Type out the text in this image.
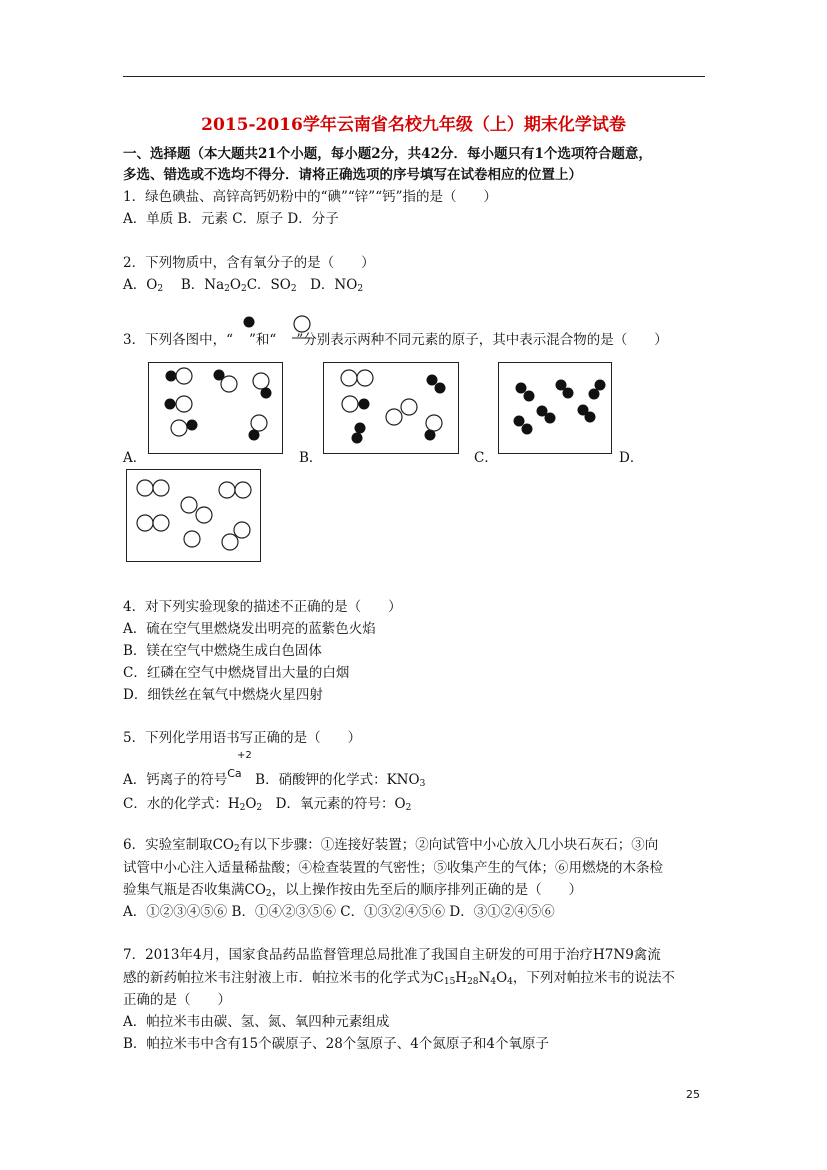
2015-2016学年云南省名校九年级（上）期末化学试卷
一、选择题（本大题共21个小题，每小题2分，共42分．每小题只有1个选项符合题意，
多选、错选或不选均不得分．请将正确选项的序号填写在试卷相应的位置上）
1．绿色碘盐、高锌高钙奶粉中的“碘”“锌”“钙”指的是（　　）
A．单质 B．元素 C．原子 D．分子
2．下列物质中，含有氧分子的是（　　）
A．$O_2$ 　B．$Na_2O_2C$．$SO_2$　D．$NO_2$
3．下列各图中，“ ”和“ ”分别表示两种不同元素的原子，其中表示混合物的是（　　）
A．	B．	C．	D．
4．对下列实验现象的描述不正确的是（　　）
A．硫在空气里燃烧发出明亮的蓝紫色火焰
B．镁在空气中燃烧生成白色固体
C．红磷在空气中燃烧冒出大量的白烟
D．细铁丝在氧气中燃烧火星四射
5．下列化学用语书写正确的是（　　）
+2
A．钙离子的符号$^{Ca}$　 B．硝酸钾的化学式：$KNO_3$
C．水的化学式：$H_2O_2$　 D．氧元素的符号：$O_2$
6．实验室制取$CO_2$有以下步骤：①连接好装置；②向试管中小心放入几小块石灰石；③向
试管中小心注入适量稀盐酸；④检查装置的气密性；⑤收集产生的气体；⑥用燃烧的木条检
验集气瓶是否收集满$CO_2$，以上操作按由先至后的顺序排列正确的是（　　）
A．①②③④⑤⑥ B．①④②③⑤⑥ C．①③②④⑤⑥ D．③①②④⑤⑥
7．2013年4月，国家食品药品监督管理总局批准了我国自主研发的可用于治疗H7N9禽流
感的新药帕拉米韦注射液上市．帕拉米韦的化学式为$C_{15}H_{28}N_4O_4$，下列对帕拉米韦的说法不
正确的是（　　）
A．帕拉米韦由碳、氢、氮、氧四种元素组成
B．帕拉米韦中含有15个碳原子、28个氢原子、4个氮原子和4个氧原子
25
